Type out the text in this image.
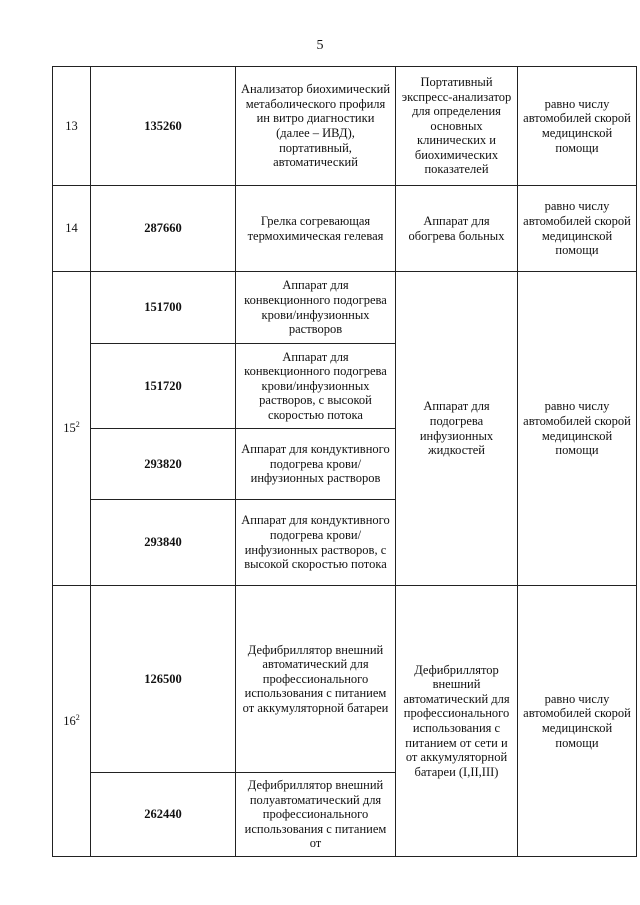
5
13	135260	Анализатор биохимический метаболического профиля ин витро диагностики (далее – ИВД), портативный, автоматический	Портативный экспресс-анализатор для определения основных клинических и биохимических показателей	равно числу автомобилей скорой медицинской помощи
14	287660	Грелка согревающая термохимическая гелевая	Аппарат для обогрева больных	равно числу автомобилей скорой медицинской помощи
$15^2$	151700	Аппарат для конвекционного подогрева крови/инфузионных растворов	Аппарат для подогрева инфузионных жидкостей	равно числу автомобилей скорой медицинской помощи
	151720	Аппарат для конвекционного подогрева крови/инфузионных растворов, с высокой скоростью потока		
	293820	Аппарат для кондуктивного подогрева крови/инфузионных растворов		
	293840	Аппарат для кондуктивного подогрева крови/инфузионных растворов, с высокой скоростью потока		
$16^2$	126500	Дефибриллятор внешний автоматический для профессионального использования с питанием от аккумуляторной батареи	Дефибриллятор внешний автоматический для профессионального использования с питанием от сети и от аккумуляторной батареи (I,II,III)	равно числу автомобилей скорой медицинской помощи
	262440	Дефибриллятор внешний полуавтоматический для профессионального использования с питанием от		
